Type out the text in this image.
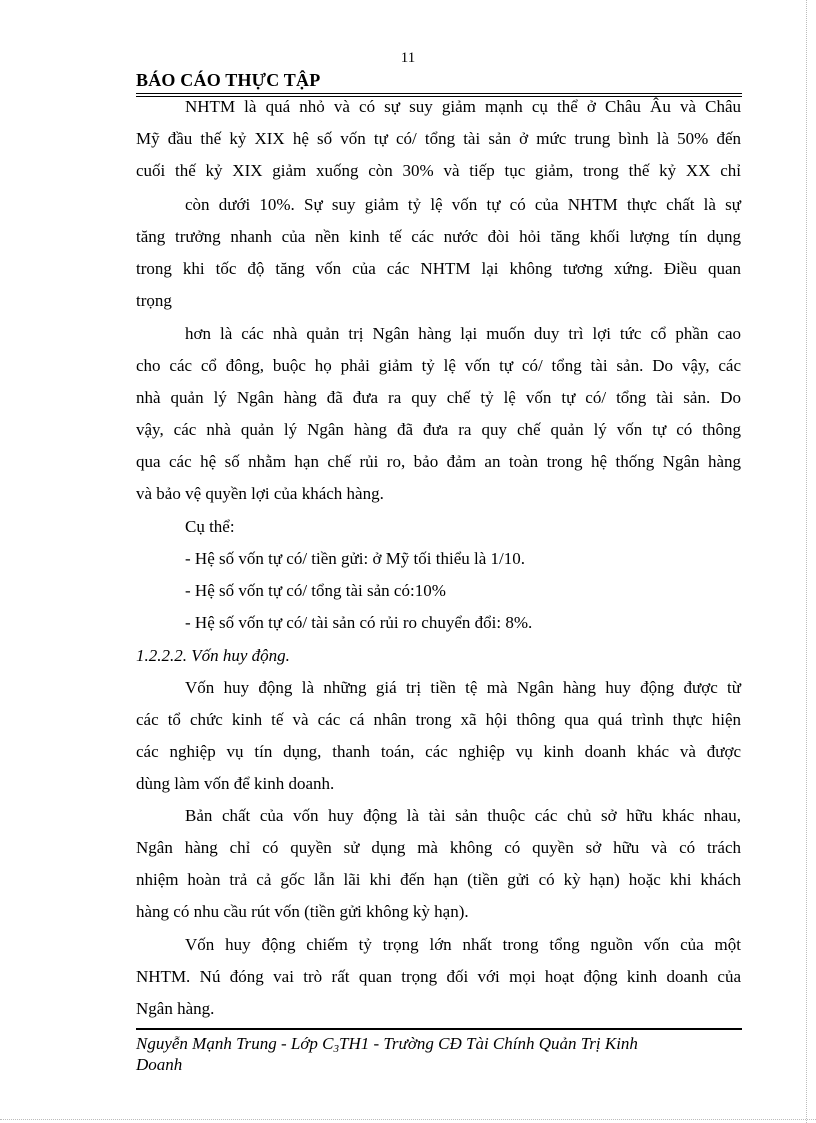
11
BÁO CÁO THỰC TẬP
NHTM là quá nhỏ và có sự suy giảm mạnh cụ thể ở Châu Âu và Châu
Mỹ đầu thế kỷ XIX hệ số vốn tự có/ tổng tài sản ở mức trung bình là 50% đến
cuối thế kỷ XIX giảm xuống còn 30% và tiếp tục giảm, trong thế kỷ XX chỉ
còn dưới 10%. Sự suy giảm tỷ lệ vốn tự có của NHTM thực chất là sự
tăng trưởng nhanh của nền kinh tế các nước đòi hỏi tăng khối lượng tín dụng
trong khi tốc độ tăng vốn của các NHTM lại không tương xứng. Điều quan
trọng
hơn là các nhà quản trị Ngân hàng lại muốn duy trì lợi tức cổ phần cao
cho các cổ đông, buộc họ phải giảm tỷ lệ vốn tự có/ tổng tài sản. Do vậy, các
nhà quản lý Ngân hàng đã đưa ra quy chế tỷ lệ vốn tự có/ tổng tài sản. Do
vậy, các nhà quản lý Ngân hàng đã đưa ra quy chế quản lý vốn tự có thông
qua các hệ số nhằm hạn chế rủi ro, bảo đảm an toàn trong hệ thống Ngân hàng
và bảo vệ quyền lợi của khách hàng.
Cụ thể:
- Hệ số vốn tự có/ tiền gửi: ở Mỹ tối thiểu là 1/10.
- Hệ số vốn tự có/ tổng tài sản có:10%
- Hệ số vốn tự có/ tài sản có rủi ro chuyển đổi: 8%.
1.2.2.2. Vốn huy động.
Vốn huy động là những giá trị tiền tệ mà Ngân hàng huy động được từ
các tổ chức kinh tế và các cá nhân trong xã hội thông qua quá trình thực hiện
các nghiệp vụ tín dụng, thanh toán, các nghiệp vụ kinh doanh khác và được
dùng làm vốn để kinh doanh.
Bản chất của vốn huy động là tài sản thuộc các chủ sở hữu khác nhau,
Ngân hàng chỉ có quyền sử dụng mà không có quyền sở hữu và có trách
nhiệm hoàn trả cả gốc lẫn lãi khi đến hạn (tiền gửi có kỳ hạn) hoặc khi khách
hàng có nhu cầu rút vốn (tiền gửi không kỳ hạn).
Vốn huy động chiếm tỷ trọng lớn nhất trong tổng nguồn vốn của một
NHTM. Nú đóng vai trò rất quan trọng đối với mọi hoạt động kinh doanh của
Ngân hàng.
Nguyễn Mạnh Trung - Lớp $C_3TH1$ - Trường CĐ Tài Chính Quản Trị Kinh
Doanh
